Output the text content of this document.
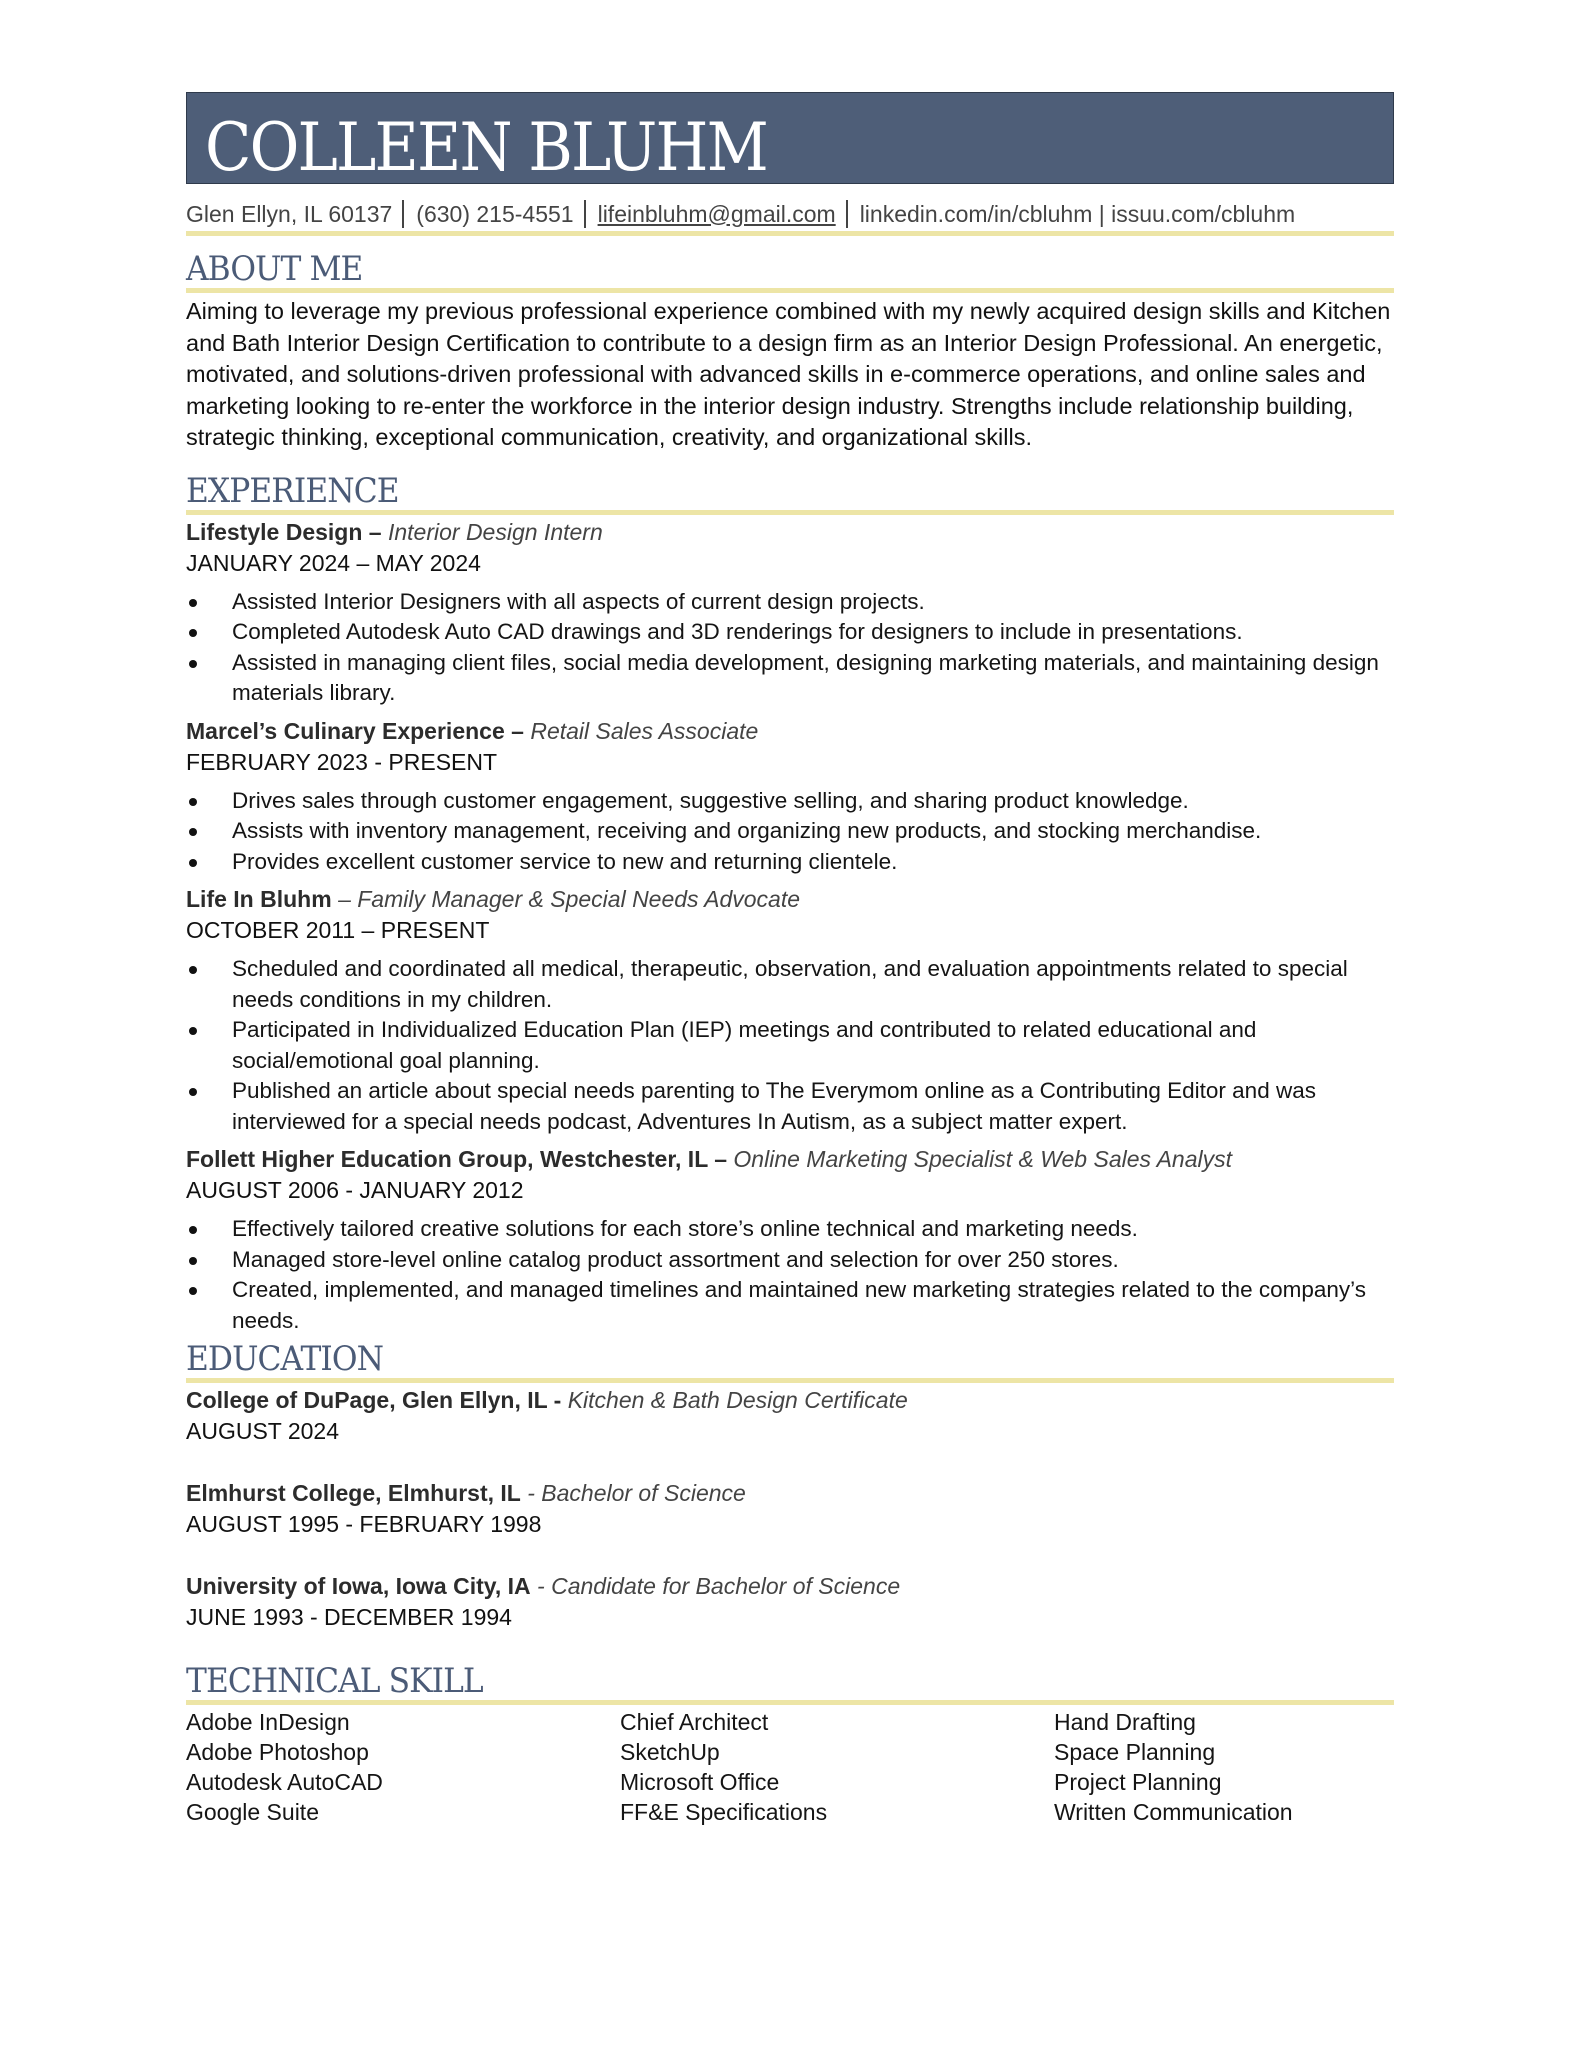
COLLEEN BLUHM
Glen Ellyn, IL 60137 (630) 215-4551 lifeinbluhm@gmail.com linkedin.com/in/cbluhm | issuu.com/cbluhm
ABOUT ME

Aiming to leverage my previous professional experience combined with my newly acquired design skills and Kitchen and Bath Interior Design Certification to contribute to a design firm as an Interior Design Professional. An energetic, motivated, and solutions-driven professional with advanced skills in e-commerce operations, and online sales and marketing looking to re-enter the workforce in the interior design industry. Strengths include relationship building, strategic thinking, exceptional communication, creativity, and organizational skills.

EXPERIENCE
Lifestyle Design – Interior Design Intern
JANUARY 2024 – MAY 2024
Assisted Interior Designers with all aspects of current design projects.
Completed Autodesk Auto CAD drawings and 3D renderings for designers to include in presentations.
Assisted in managing client files, social media development, designing marketing materials, and maintaining design materials library.
Marcel’s Culinary Experience – Retail Sales Associate
FEBRUARY 2023 - PRESENT
Drives sales through customer engagement, suggestive selling, and sharing product knowledge.
Assists with inventory management, receiving and organizing new products, and stocking merchandise.
Provides excellent customer service to new and returning clientele.
Life In Bluhm – Family Manager & Special Needs Advocate
OCTOBER 2011 – PRESENT
Scheduled and coordinated all medical, therapeutic, observation, and evaluation appointments related to special needs conditions in my children.
Participated in Individualized Education Plan (IEP) meetings and contributed to related educational and social/emotional goal planning.
Published an article about special needs parenting to The Everymom online as a Contributing Editor and was interviewed for a special needs podcast, Adventures In Autism, as a subject matter expert.
Follett Higher Education Group, Westchester, IL – Online Marketing Specialist & Web Sales Analyst
AUGUST 2006 - JANUARY 2012
Effectively tailored creative solutions for each store’s online technical and marketing needs.
Managed store-level online catalog product assortment and selection for over 250 stores.
Created, implemented, and managed timelines and maintained new marketing strategies related to the company’s needs.
EDUCATION
College of DuPage, Glen Ellyn, IL - Kitchen & Bath Design Certificate
AUGUST 2024
Elmhurst College, Elmhurst, IL - Bachelor of Science
AUGUST 1995 - FEBRUARY 1998
University of Iowa, Iowa City, IA - Candidate for Bachelor of Science
JUNE 1993 - DECEMBER 1994
TECHNICAL SKILL
Adobe InDesign	Chief Architect	Hand Drafting
Adobe Photoshop	SketchUp	Space Planning
Autodesk AutoCAD	Microsoft Office	Project Planning
Google Suite	FF&E Specifications	Written Communication
